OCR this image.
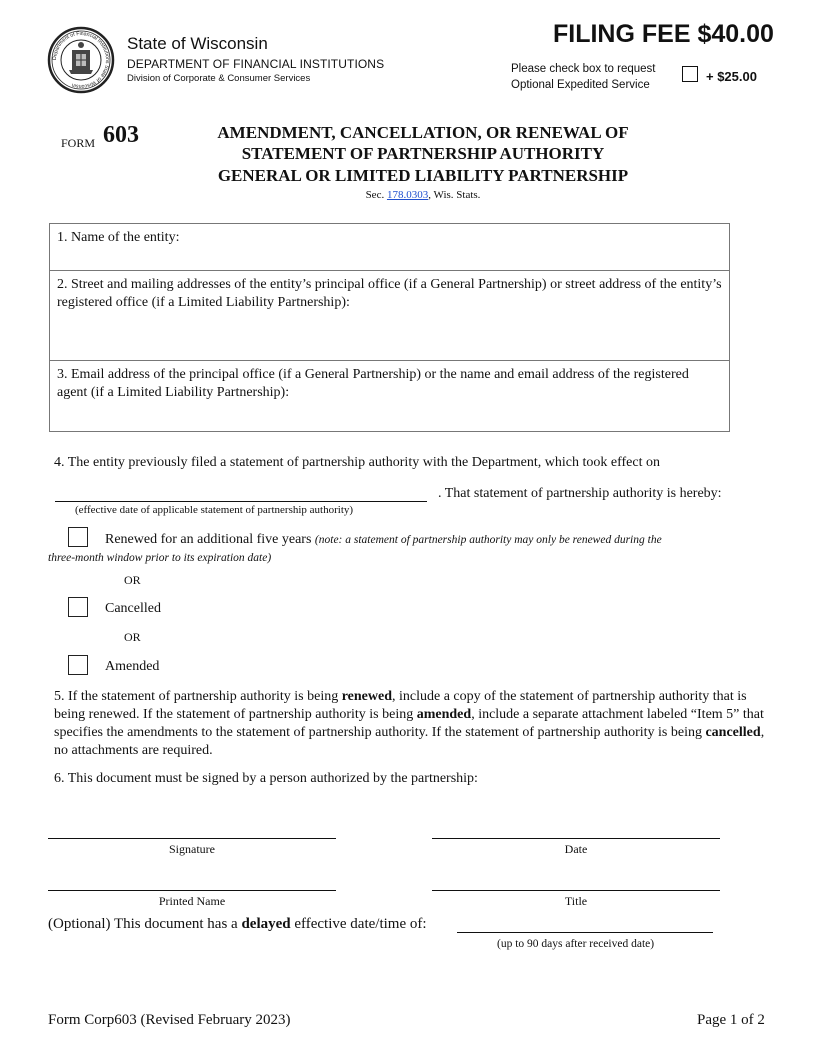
Department of Financial Institutions State of Wisconsin
State of Wisconsin
DEPARTMENT OF FINANCIAL INSTITUTIONS
Division of Corporate & Consumer Services
FILING FEE $40.00
Please check box to request
Optional Expedited Service
+ $25.00
FORM 603	AMENDMENT, CANCELLATION, OR RENEWAL OF
STATEMENT OF PARTNERSHIP AUTHORITY
GENERAL OR LIMITED LIABILITY PARTNERSHIP
Sec. 178.0303, Wis. Stats.
1. Name of the entity:
2. Street and mailing addresses of the entity’s principal office (if a General Partnership) or street address of the entity’s registered office (if a Limited Liability Partnership):
3. Email address of the principal office (if a General Partnership) or the name and email address of the registered agent (if a Limited Liability Partnership):
4. The entity previously filed a statement of partnership authority with the Department, which took effect on
. That statement of partnership authority is hereby:
(effective date of applicable statement of partnership authority)
Renewed for an additional five years (note: a statement of partnership authority may only be renewed during the
three-month window prior to its expiration date)
OR
Cancelled
OR
Amended
5. If the statement of partnership authority is being renewed, include a copy of the statement of partnership authority that is being renewed. If the statement of partnership authority is being amended, include a separate attachment labeled “Item 5” that specifies the amendments to the statement of partnership authority. If the statement of partnership authority is being cancelled, no attachments are required.
6. This document must be signed by a person authorized by the partnership:
Signature	Date
Printed Name	Title
(Optional) This document has a delayed effective date/time of:
(up to 90 days after received date)
Form Corp603 (Revised February 2023)	Page 1 of 2
